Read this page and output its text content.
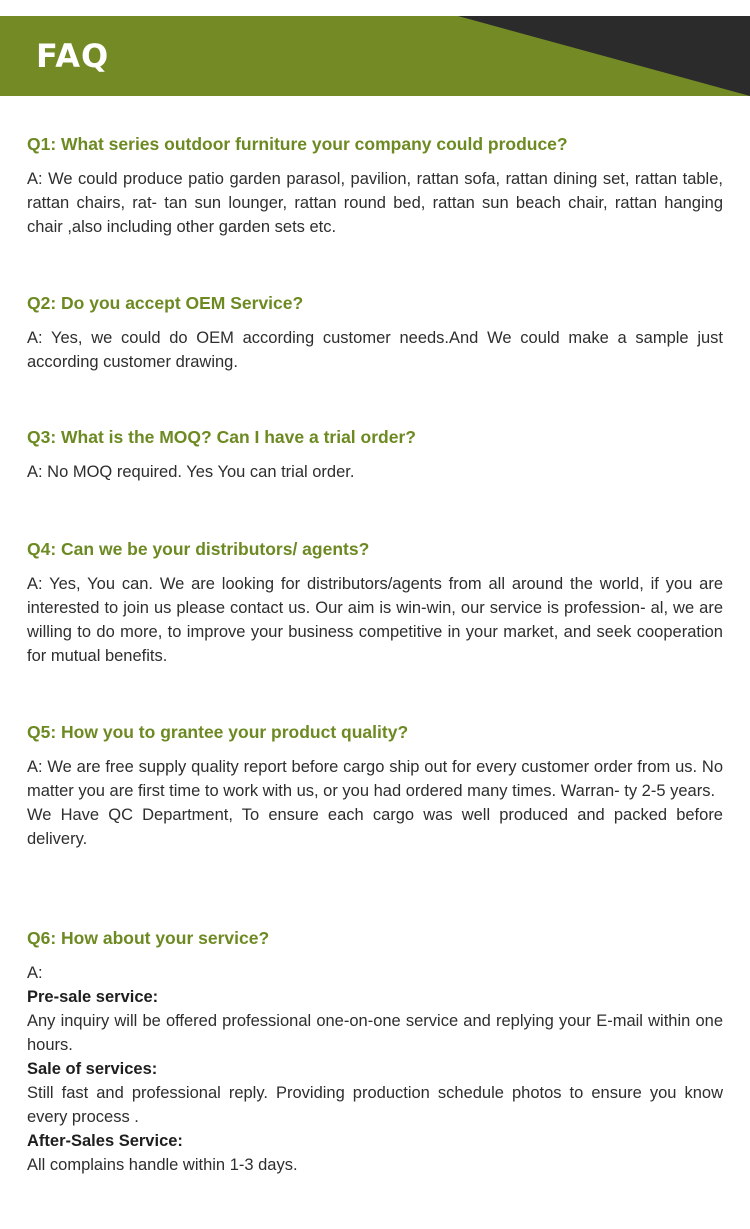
FAQ

Q1: What series outdoor furniture your company could produce?

A: We could produce patio garden parasol, pavilion, rattan sofa, rattan dining set, rattan table, rattan chairs, rat- tan sun lounger, rattan round bed, rattan sun beach chair, rattan hanging chair ,also including other garden sets etc.

Q2: Do you accept OEM Service?

A: Yes, we could do OEM according customer needs.And We could make a sample just according customer drawing.

Q3: What is the MOQ? Can I have a trial order?

A: No MOQ required. Yes You can trial order.

Q4: Can we be your distributors/ agents?

A: Yes, You can. We are looking for distributors/agents from all around the world, if you are interested to join us please contact us. Our aim is win-win, our service is profession- al, we are willing to do more, to improve your business competitive in your market, and seek cooperation for mutual benefits.

Q5: How you to grantee your product quality?

A: We are free supply quality report before cargo ship out for every customer order from us. No matter you are first time to work with us, or you had ordered many times. Warran- ty 2-5 years.
We Have QC Department, To ensure each cargo was well produced and packed before delivery.

Q6: How about your service?

A:
Pre-sale service:
Any inquiry will be offered professional one-on-one service and replying your E-mail within one hours.
Sale of services:
Still fast and professional reply. Providing production schedule photos to ensure you know every process .
After-Sales Service:
All complains handle within 1-3 days.
